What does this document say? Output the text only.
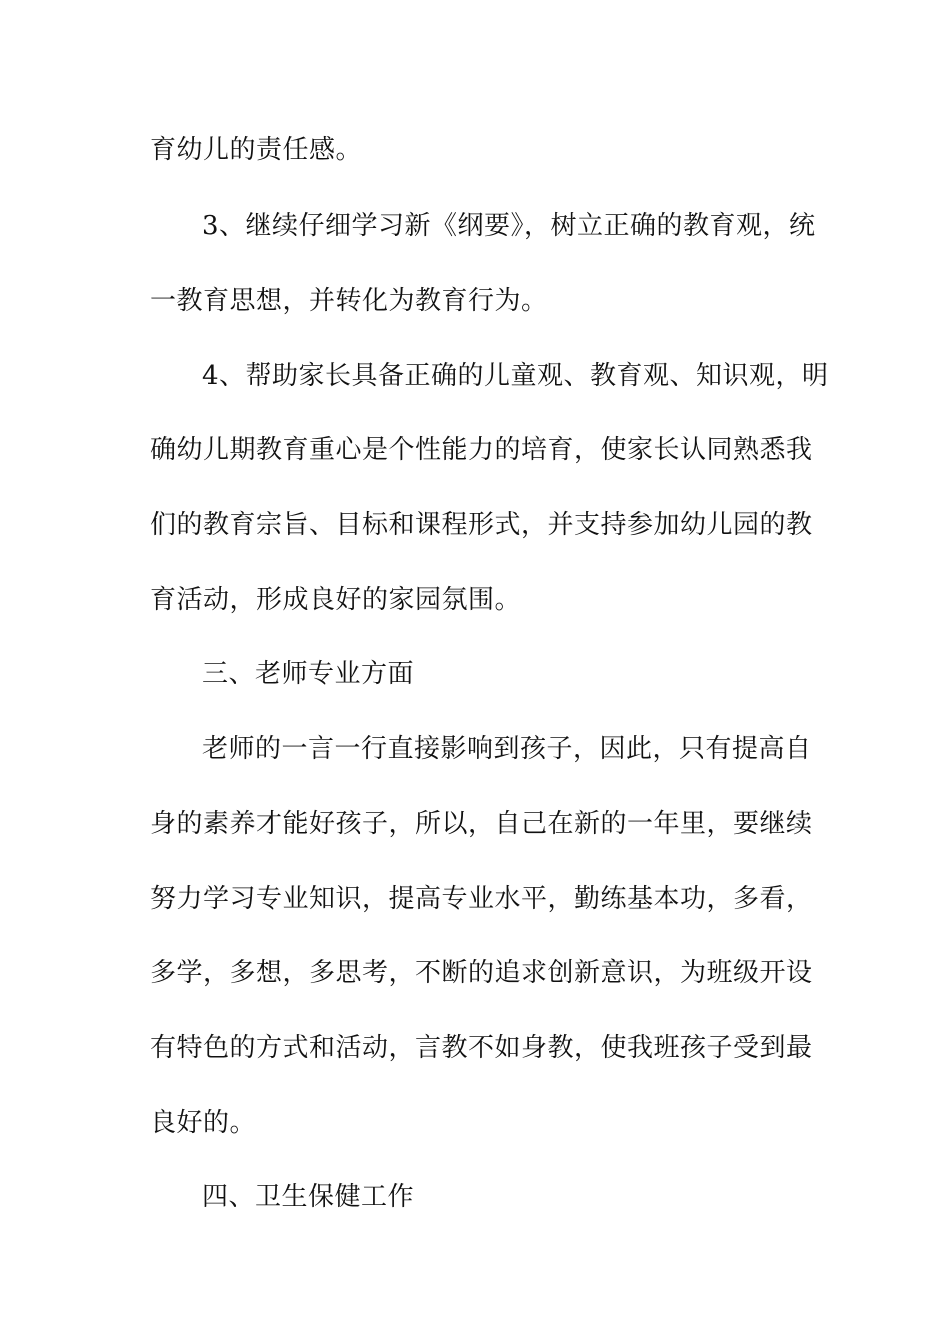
育幼儿的责任感。
3、继续仔细学习新《纲要》，树立正确的教育观，统
一教育思想，并转化为教育行为。
4、帮助家长具备正确的儿童观、教育观、知识观，明
确幼儿期教育重心是个性能力的培育，使家长认同熟悉我
们的教育宗旨、目标和课程形式，并支持参加幼儿园的教
育活动，形成良好的家园氛围。
三、老师专业方面
老师的一言一行直接影响到孩子，因此，只有提高自
身的素养才能好孩子，所以，自己在新的一年里，要继续
努力学习专业知识，提高专业水平，勤练基本功，多看，
多学，多想，多思考，不断的追求创新意识，为班级开设
有特色的方式和活动，言教不如身教，使我班孩子受到最
良好的。
四、卫生保健工作
